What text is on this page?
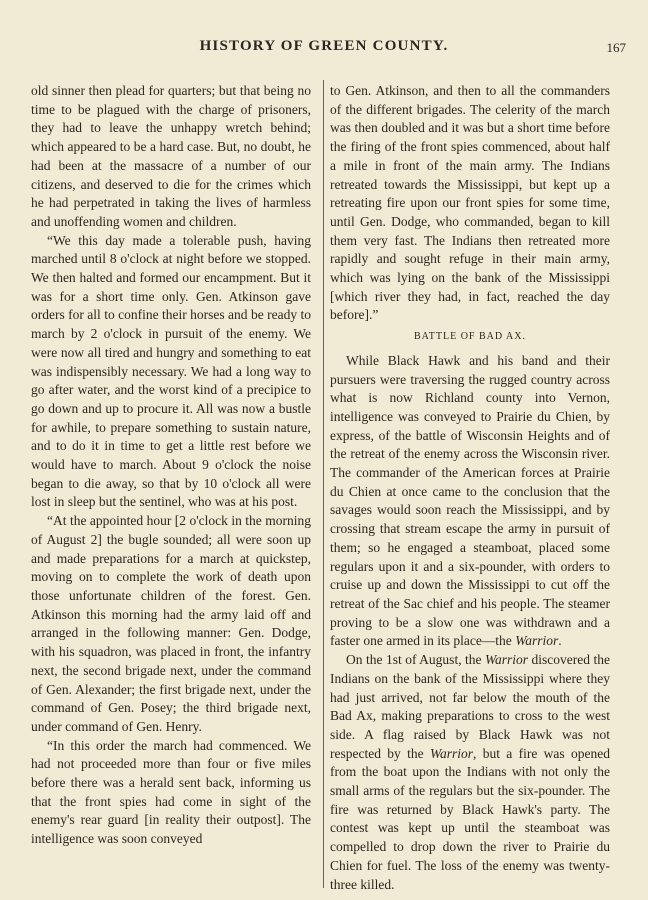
HISTORY OF GREEN COUNTY.	167

old sinner then plead for quarters; but that being no time to be plagued with the charge of prisoners, they had to leave the unhappy wretch behind; which appeared to be a hard case. But, no doubt, he had been at the massacre of a number of our citizens, and deserved to die for the crimes which he had perpetrated in taking the lives of harmless and unoffending women and children.

“We this day made a tolerable push, having marched until 8 o'clock at night before we stopped. We then halted and formed our encampment. But it was for a short time only. Gen. Atkinson gave orders for all to confine their horses and be ready to march by 2 o'clock in pursuit of the enemy. We were now all tired and hungry and something to eat was indispensibly necessary. We had a long way to go after water, and the worst kind of a precipice to go down and up to procure it. All was now a bustle for awhile, to prepare something to sustain nature, and to do it in time to get a little rest before we would have to march. About 9 o'clock the noise began to die away, so that by 10 o'clock all were lost in sleep but the sentinel, who was at his post.

“At the appointed hour [2 o'clock in the morning of August 2] the bugle sounded; all were soon up and made preparations for a march at quickstep, moving on to complete the work of death upon those unfortunate children of the forest. Gen. Atkinson this morning had the army laid off and arranged in the following manner: Gen. Dodge, with his squadron, was placed in front, the infantry next, the second brigade next, under the command of Gen. Alexander; the first brigade next, under the command of Gen. Posey; the third brigade next, under command of Gen. Henry.

“In this order the march had commenced. We had not proceeded more than four or five miles before there was a herald sent back, informing us that the front spies had come in sight of the enemy's rear guard [in reality their outpost]. The intelligence was soon conveyed

to Gen. Atkinson, and then to all the commanders of the different brigades. The celerity of the march was then doubled and it was but a short time before the firing of the front spies commenced, about half a mile in front of the main army. The Indians retreated towards the Mississippi, but kept up a retreating fire upon our front spies for some time, until Gen. Dodge, who commanded, began to kill them very fast. The Indians then retreated more rapidly and sought refuge in their main army, which was lying on the bank of the Mississippi [which river they had, in fact, reached the day before].”

BATTLE OF BAD AX.

While Black Hawk and his band and their pursuers were traversing the rugged country across what is now Richland county into Vernon, intelligence was conveyed to Prairie du Chien, by express, of the battle of Wisconsin Heights and of the retreat of the enemy across the Wisconsin river. The commander of the American forces at Prairie du Chien at once came to the conclusion that the savages would soon reach the Mississippi, and by crossing that stream escape the army in pursuit of them; so he engaged a steamboat, placed some regulars upon it and a six-pounder, with orders to cruise up and down the Mississippi to cut off the retreat of the Sac chief and his people. The steamer proving to be a slow one was withdrawn and a faster one armed in its place—the Warrior.

On the 1st of August, the Warrior discovered the Indians on the bank of the Mississippi where they had just arrived, not far below the mouth of the Bad Ax, making preparations to cross to the west side. A flag raised by Black Hawk was not respected by the Warrior, but a fire was opened from the boat upon the Indians with not only the small arms of the regulars but the six-pounder. The fire was returned by Black Hawk's party. The contest was kept up until the steamboat was compelled to drop down the river to Prairie du Chien for fuel. The loss of the enemy was twenty-three killed.
